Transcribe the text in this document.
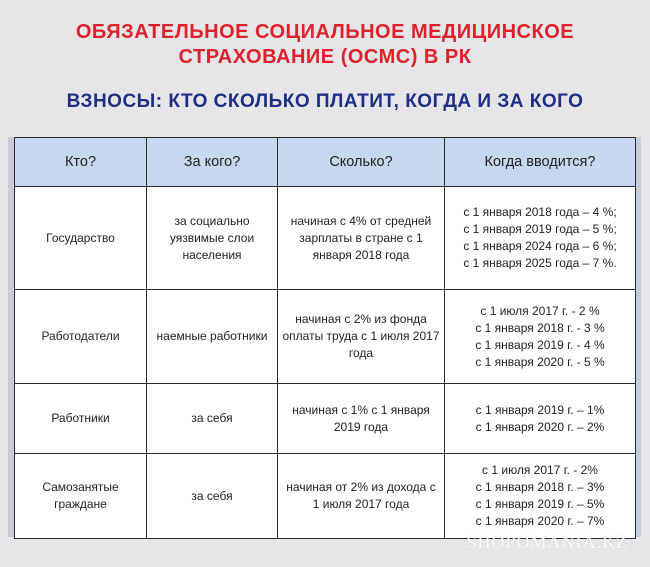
ОБЯЗАТЕЛЬНОЕ СОЦИАЛЬНОЕ МЕДИЦИНСКОЕ
СТРАХОВАНИЕ (ОСМС) В РК
ВЗНОСЫ: КТО СКОЛЬКО ПЛАТИТ, КОГДА И ЗА КОГО
Кто?	За кого?	Сколько?	Когда вводится?
Государство	за социально уязвимые слои населения	начиная с 4% от средней зарплаты в стране с 1 января 2018 года	с 1 января 2018 года – 4 %;
с 1 января 2019 года – 5 %;
с 1 января 2024 года – 6 %;
с 1 января 2025 года – 7 %.

Работодатели	наемные работники	начиная с 2% из фонда оплаты труда с 1 июля 2017 года	с 1 июля 2017 г. - 2 %
с 1 января 2018 г. - 3 %
с 1 января 2019 г. - 4 %
с 1 января 2020 г. - 5 %

Работники	за себя	начиная с 1% с 1 января 2019 года	с 1 января 2019 г. – 1%
с 1 января 2020 г. – 2%

Самозанятые граждане	за себя	начиная от 2% из дохода с 1 июля 2017 года	с 1 июля 2017 г. - 2%
с 1 января 2018 г. – 3%
с 1 января 2019 г. – 5%
с 1 января 2020 г. – 7%
SHOPOMANIA.KZ
